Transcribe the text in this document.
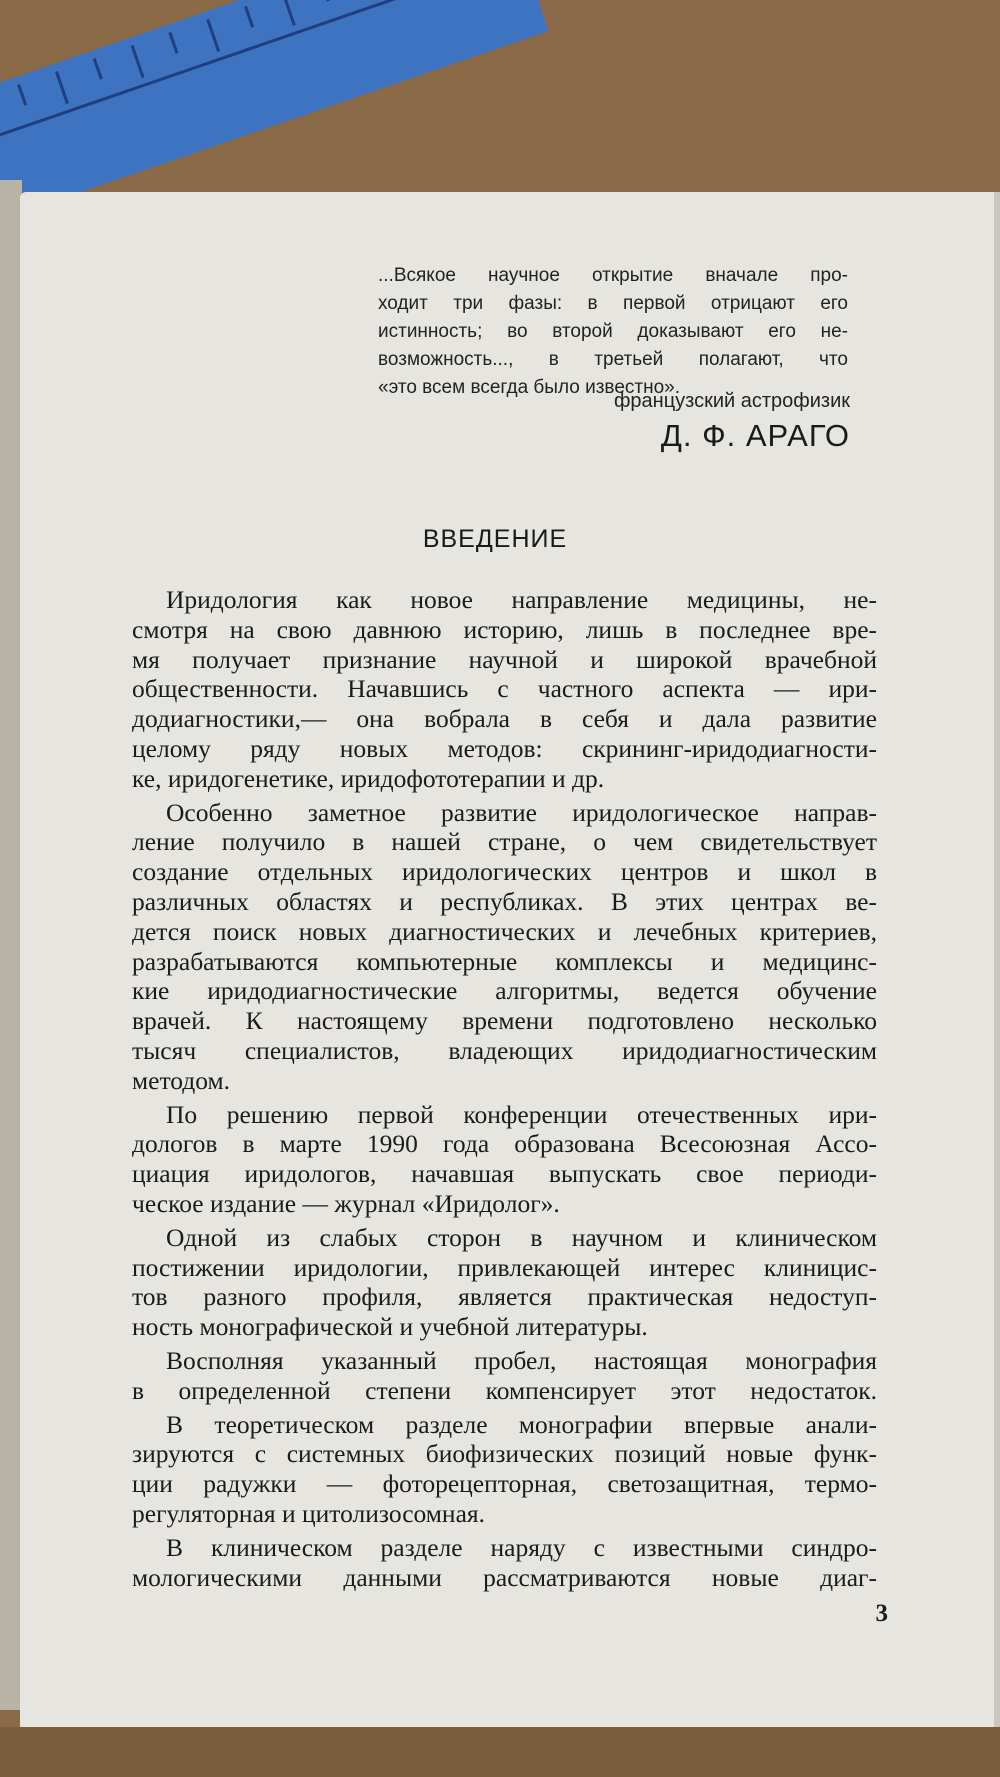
...Всякое научное открытие вначале про-
ходит три фазы: в первой отрицают его
истинность; во второй доказывают его не-
возможность..., в третьей полагают, что
«это всем всегда было известно».
французский астрофизик
Д. Ф. АРАГО
ВВЕДЕНИЕ

Иридология как новое направление медицины, не-
смотря на свою давнюю историю, лишь в последнее вре-
мя получает признание научной и широкой врачебной
общественности. Начавшись с частного аспекта — ири-
додиагностики,— она вобрала в себя и дала развитие
целому ряду новых методов: скрининг-иридодиагности-
ке, иридогенетике, иридофототерапии и др.

Особенно заметное развитие иридологическое направ-
ление получило в нашей стране, о чем свидетельствует
создание отдельных иридологических центров и школ в
различных областях и республиках. В этих центрах ве-
дется поиск новых диагностических и лечебных критериев,
разрабатываются компьютерные комплексы и медицинс-
кие иридодиагностические алгоритмы, ведется обучение
врачей. К настоящему времени подготовлено несколько
тысяч специалистов, владеющих иридодиагностическим
методом.

По решению первой конференции отечественных ири-
дологов в марте 1990 года образована Всесоюзная Ассо-
циация иридологов, начавшая выпускать свое периоди-
ческое издание — журнал «Иридолог».

Одной из слабых сторон в научном и клиническом
постижении иридологии, привлекающей интерес клиницис-
тов разного профиля, является практическая недоступ-
ность монографической и учебной литературы.

Восполняя указанный пробел, настоящая монография
в определенной степени компенсирует этот недостаток.

В теоретическом разделе монографии впервые анали-
зируются с системных биофизических позиций новые функ-
ции радужки — фоторецепторная, светозащитная, термо-
регуляторная и цитолизосомная.

В клиническом разделе наряду с известными синдро-
мологическими данными рассматриваются новые диаг-

3
